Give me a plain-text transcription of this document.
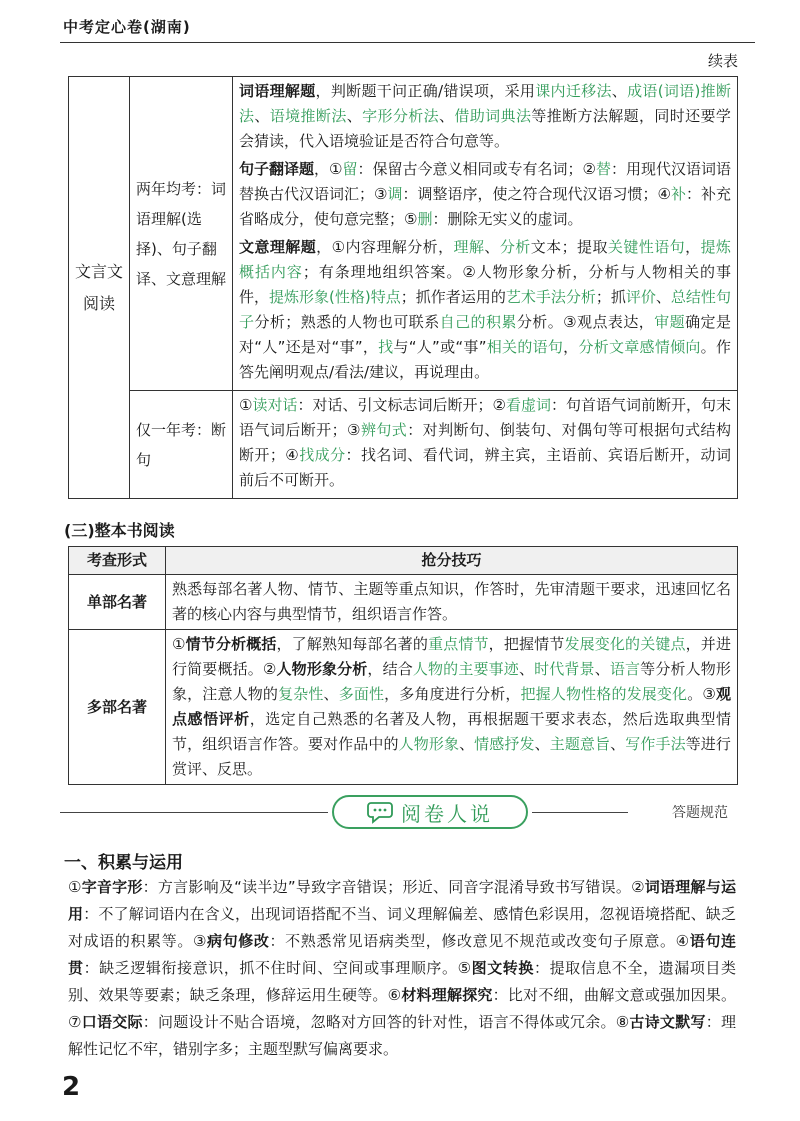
中考定心卷(湖南)
续表
文言文阅读	两年均考：词语理解(选择)、句子翻译、文意理解	词语理解题，判断题干问正确/错误项，采用课内迁移法、成语(词语)推断法、语境推断法、字形分析法、借助词典法等推断方法解题，同时还要学会猜读，代入语境验证是否符合句意等。

句子翻译题，①留：保留古今意义相同或专有名词；②替：用现代汉语词语替换古代汉语词汇；③调：调整语序，使之符合现代汉语习惯；④补：补充省略成分，使句意完整；⑤删：删除无实义的虚词。

文意理解题，①内容理解分析，理解、分析文本；提取关键性语句，提炼概括内容；有条理地组织答案。②人物形象分析，分析与人物相关的事件，提炼形象(性格)特点；抓作者运用的艺术手法分析；抓评价、总结性句子分析；熟悉的人物也可联系自己的积累分析。③观点表达，审题确定是对“人”还是对“事”，找与“人”或“事”相关的语句，分析文章感情倾向。作答先阐明观点/看法/建议，再说理由。

	仅一年考：断句	①读对话：对话、引文标志词后断开；②看虚词：句首语气词前断开，句末语气词后断开；③辨句式：对判断句、倒装句、对偶句等可根据句式结构断开；④找成分：找名词、看代词，辨主宾，主语前、宾语后断开，动词前后不可断开。

(三)整本书阅读
考查形式	抢分技巧
单部名著	熟悉每部名著人物、情节、主题等重点知识，作答时，先审清题干要求，迅速回忆名著的核心内容与典型情节，组织语言作答。
多部名著	①情节分析概括，了解熟知每部名著的重点情节，把握情节发展变化的关键点，并进行简要概括。②人物形象分析，结合人物的主要事迹、时代背景、语言等分析人物形象，注意人物的复杂性、多面性，多角度进行分析，把握人物性格的发展变化。③观点感悟评析，选定自己熟悉的名著及人物，再根据题干要求表态，然后选取典型情节，组织语言作答。要对作品中的人物形象、情感抒发、主题意旨、写作手法等进行赏评、反思。
阅卷人说	答题规范
一、积累与运用
①字音字形：方言影响及“读半边”导致字音错误；形近、同音字混淆导致书写错误。②词语理解与运用：不了解词语内在含义，出现词语搭配不当、词义理解偏差、感情色彩误用，忽视语境搭配、缺乏对成语的积累等。③病句修改：不熟悉常见语病类型，修改意见不规范或改变句子原意。④语句连贯：缺乏逻辑衔接意识，抓不住时间、空间或事理顺序。⑤图文转换：提取信息不全，遗漏项目类别、效果等要素；缺乏条理，修辞运用生硬等。⑥材料理解探究：比对不细，曲解文意或强加因果。⑦口语交际：问题设计不贴合语境，忽略对方回答的针对性，语言不得体或冗余。⑧古诗文默写：理解性记忆不牢，错别字多；主题型默写偏离要求。
2
